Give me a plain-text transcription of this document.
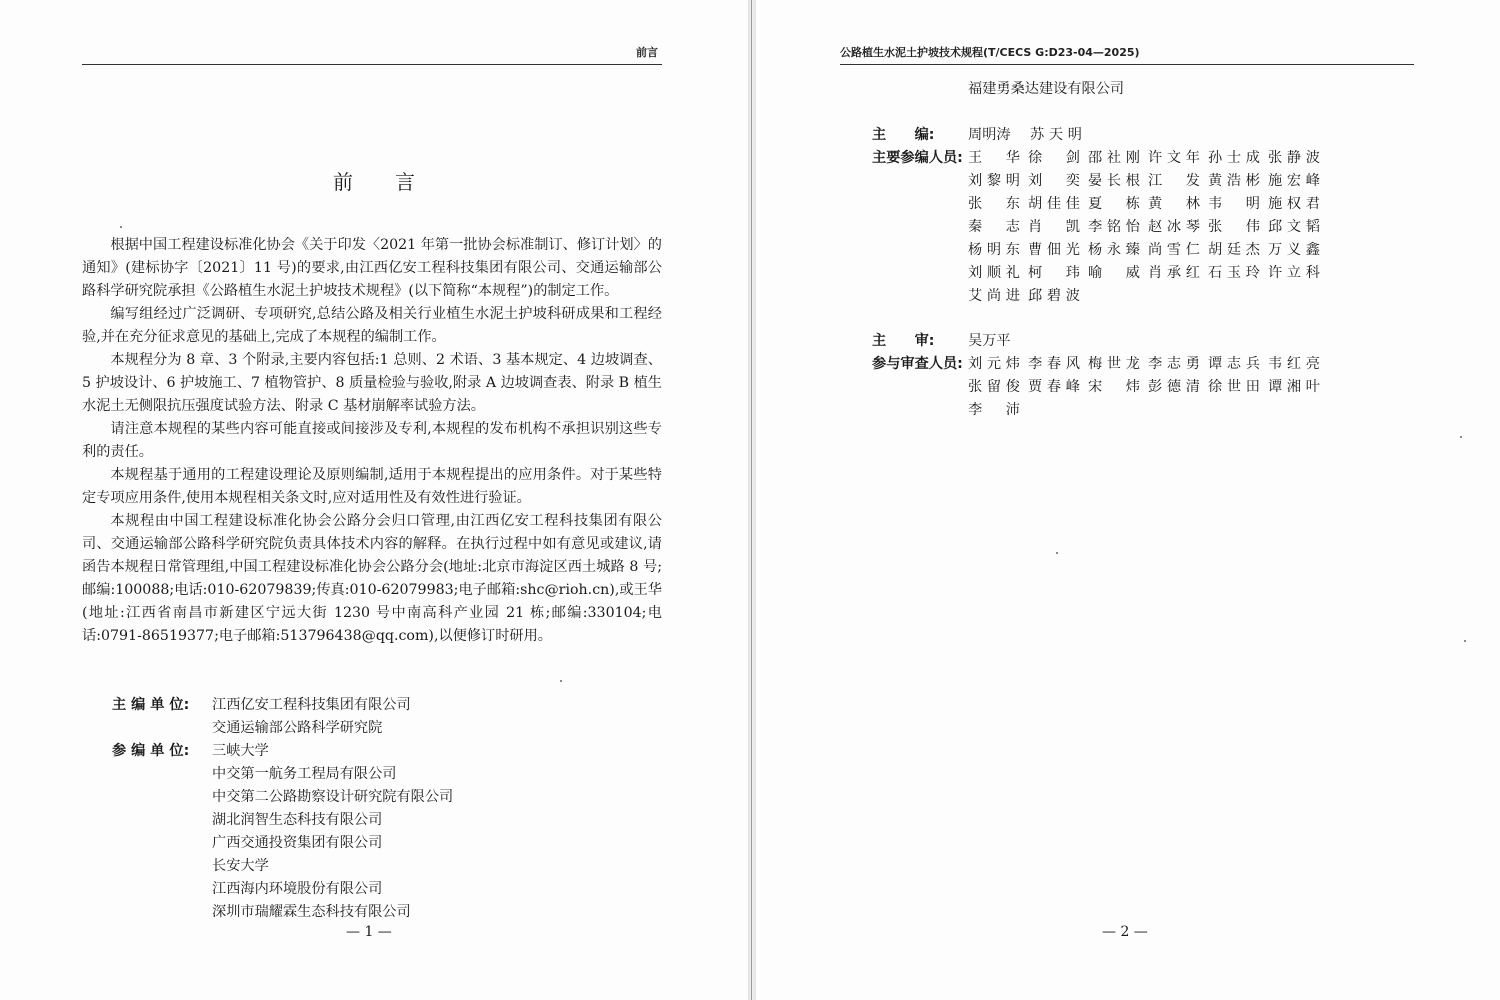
前言
前言

根据中国工程建设标准化协会《关于印发〈2021 年第一批协会标准制订、修订计划〉的通知》(建标协字〔2021〕11 号)的要求,由江西亿安工程科技集团有限公司、交通运输部公路科学研究院承担《公路植生水泥土护坡技术规程》(以下简称“本规程”)的制定工作。

编写组经过广泛调研、专项研究,总结公路及相关行业植生水泥土护坡科研成果和工程经验,并在充分征求意见的基础上,完成了本规程的编制工作。

本规程分为 8 章、3 个附录,主要内容包括:1 总则、2 术语、3 基本规定、4 边坡调查、5 护坡设计、6 护坡施工、7 植物管护、8 质量检验与验收,附录 A 边坡调查表、附录 B 植生水泥土无侧限抗压强度试验方法、附录 C 基材崩解率试验方法。

请注意本规程的某些内容可能直接或间接涉及专利,本规程的发布机构不承担识别这些专利的责任。

本规程基于通用的工程建设理论及原则编制,适用于本规程提出的应用条件。对于某些特定专项应用条件,使用本规程相关条文时,应对适用性及有效性进行验证。

本规程由中国工程建设标准化协会公路分会归口管理,由江西亿安工程科技集团有限公司、交通运输部公路科学研究院负责具体技术内容的解释。在执行过程中如有意见或建议,请函告本规程日常管理组,中国工程建设标准化协会公路分会(地址:北京市海淀区西土城路 8 号;邮编:100088;电话:010-62079839;传真:010-62079983;电子邮箱:shc@rioh.cn),或王华(地址:江西省南昌市新建区宁远大街 1230 号中南高科产业园 21 栋;邮编:330104;电话:0791-86519377;电子邮箱:513796438@qq.com),以便修订时研用。

主 编 单 位:	江西亿安工程科技集团有限公司
交通运输部公路科学研究院
参 编 单 位:	三峡大学
中交第一航务工程局有限公司
中交第二公路勘察设计研究院有限公司
湖北润智生态科技有限公司
广西交通投资集团有限公司
长安大学
江西海内环境股份有限公司
深圳市瑞耀霖生态科技有限公司
— 1 —
公路植生水泥土护坡技术规程(T/CECS G:D23-04—2025)
福建勇桑达建设有限公司
主　　编:	周明涛 苏天明
主要参编人员: 王　华 徐　剑 邵社刚 许文年 孙士成 张静波
刘黎明 刘　奕 晏长根 江　发 黄浩彬 施宏峰
张　东 胡佳佳 夏　栋 黄　林 韦　明 施权君
秦　志 肖　凯 李铭怡 赵冰琴 张　伟 邱文韬
杨明东 曹佃光 杨永臻 尚雪仁 胡廷杰 万义鑫
刘顺礼 柯　玮 喻　威 肖承红 石玉玲 许立科
艾尚进 邱碧波
主　　审:	吴万平
参与审查人员: 刘元炜 李春风 梅世龙 李志勇 谭志兵 韦红亮
张留俊 贾春峰 宋　炜 彭德清 徐世田 谭湘叶
李　沛
— 2 —
